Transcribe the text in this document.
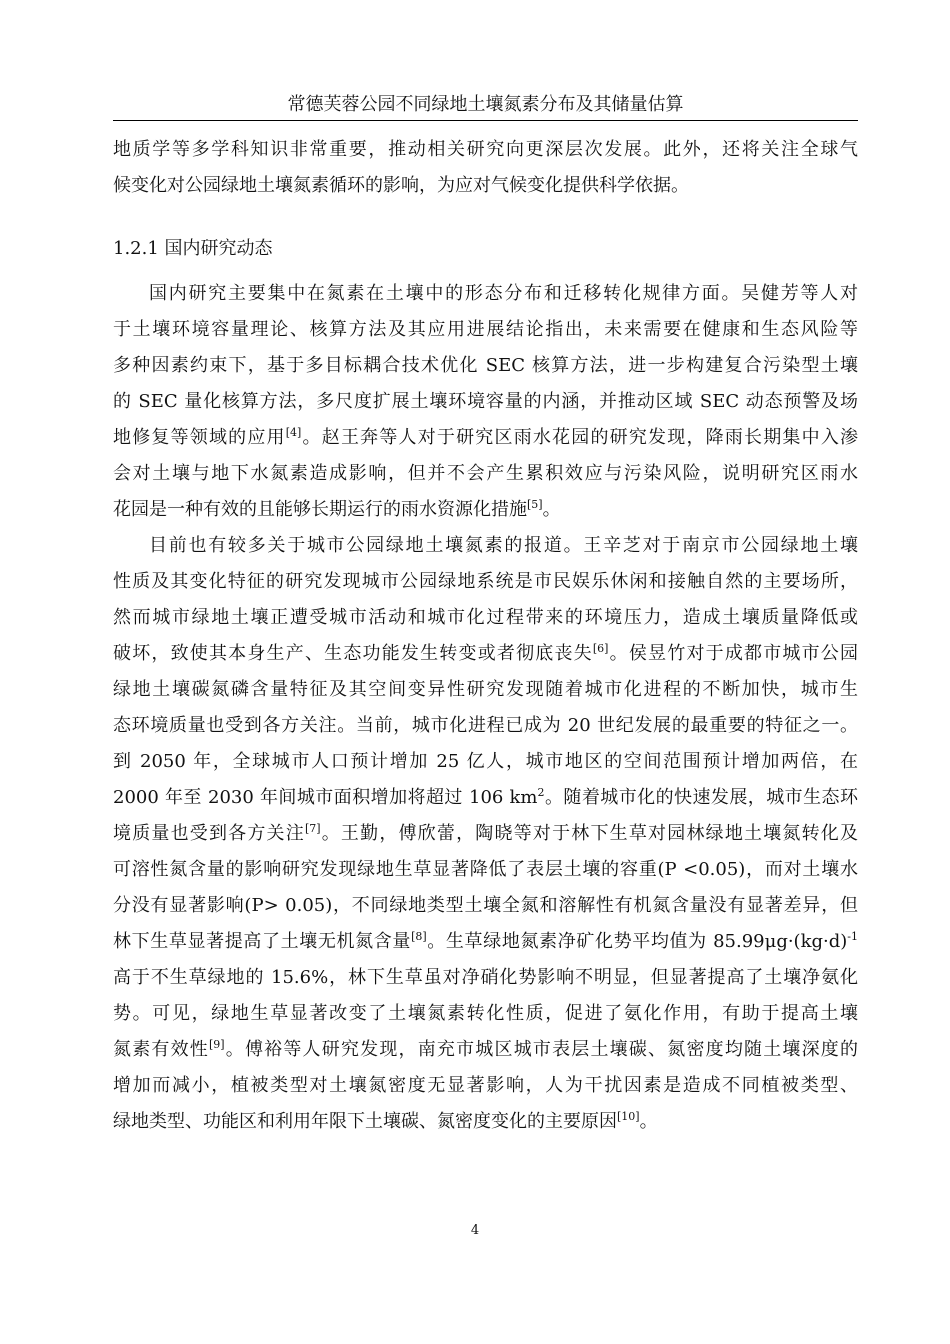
常德芙蓉公园不同绿地土壤氮素分布及其储量估算
地质学等多学科知识非常重要，推动相关研究向更深层次发展。此外，还将关注全球气
候变化对公园绿地土壤氮素循环的影响，为应对气候变化提供科学依据。
1.2.1 国内研究动态
国内研究主要集中在氮素在土壤中的形态分布和迁移转化规律方面。吴健芳等人对
于土壤环境容量理论、核算方法及其应用进展结论指出，未来需要在健康和生态风险等
多种因素约束下，基于多目标耦合技术优化 SEC 核算方法，进一步构建复合污染型土壤
的 SEC 量化核算方法，多尺度扩展土壤环境容量的内涵，并推动区域 SEC 动态预警及场
地修复等领域的应用[4]。赵王奔等人对于研究区雨水花园的研究发现，降雨长期集中入渗
会对土壤与地下水氮素造成影响，但并不会产生累积效应与污染风险，说明研究区雨水
花园是一种有效的且能够长期运行的雨水资源化措施[5]。
目前也有较多关于城市公园绿地土壤氮素的报道。王辛芝对于南京市公园绿地土壤
性质及其变化特征的研究发现城市公园绿地系统是市民娱乐休闲和接触自然的主要场所，
然而城市绿地土壤正遭受城市活动和城市化过程带来的环境压力，造成土壤质量降低或
破坏，致使其本身生产、生态功能发生转变或者彻底丧失[6]。侯昱竹对于成都市城市公园
绿地土壤碳氮磷含量特征及其空间变异性研究发现随着城市化进程的不断加快，城市生
态环境质量也受到各方关注。当前，城市化进程已成为 20 世纪发展的最重要的特征之一。
到 2050 年，全球城市人口预计增加 25 亿人，城市地区的空间范围预计增加两倍，在
2000 年至 2030 年间城市面积增加将超过 106 $km^2$。随着城市化的快速发展，城市生态环
境质量也受到各方关注[7]。王勤，傅欣蕾，陶晓等对于林下生草对园林绿地土壤氮转化及
可溶性氮含量的影响研究发现绿地生草显著降低了表层土壤的容重(P <0.05)，而对土壤水
分没有显著影响(P> 0.05)，不同绿地类型土壤全氮和溶解性有机氮含量没有显著差异，但
林下生草显著提高了土壤无机氮含量[8]。生草绿地氮素净矿化势平均值为 $85.99\mu g\cdot(kg\cdot d)^{-1}$
高于不生草绿地的 15.6%，林下生草虽对净硝化势影响不明显，但显著提高了土壤净氨化
势。可见，绿地生草显著改变了土壤氮素转化性质，促进了氨化作用，有助于提高土壤
氮素有效性[9]。傅裕等人研究发现，南充市城区城市表层土壤碳、氮密度均随土壤深度的
增加而减小，植被类型对土壤氮密度无显著影响，人为干扰因素是造成不同植被类型、
绿地类型、功能区和利用年限下土壤碳、氮密度变化的主要原因[10]。
4
